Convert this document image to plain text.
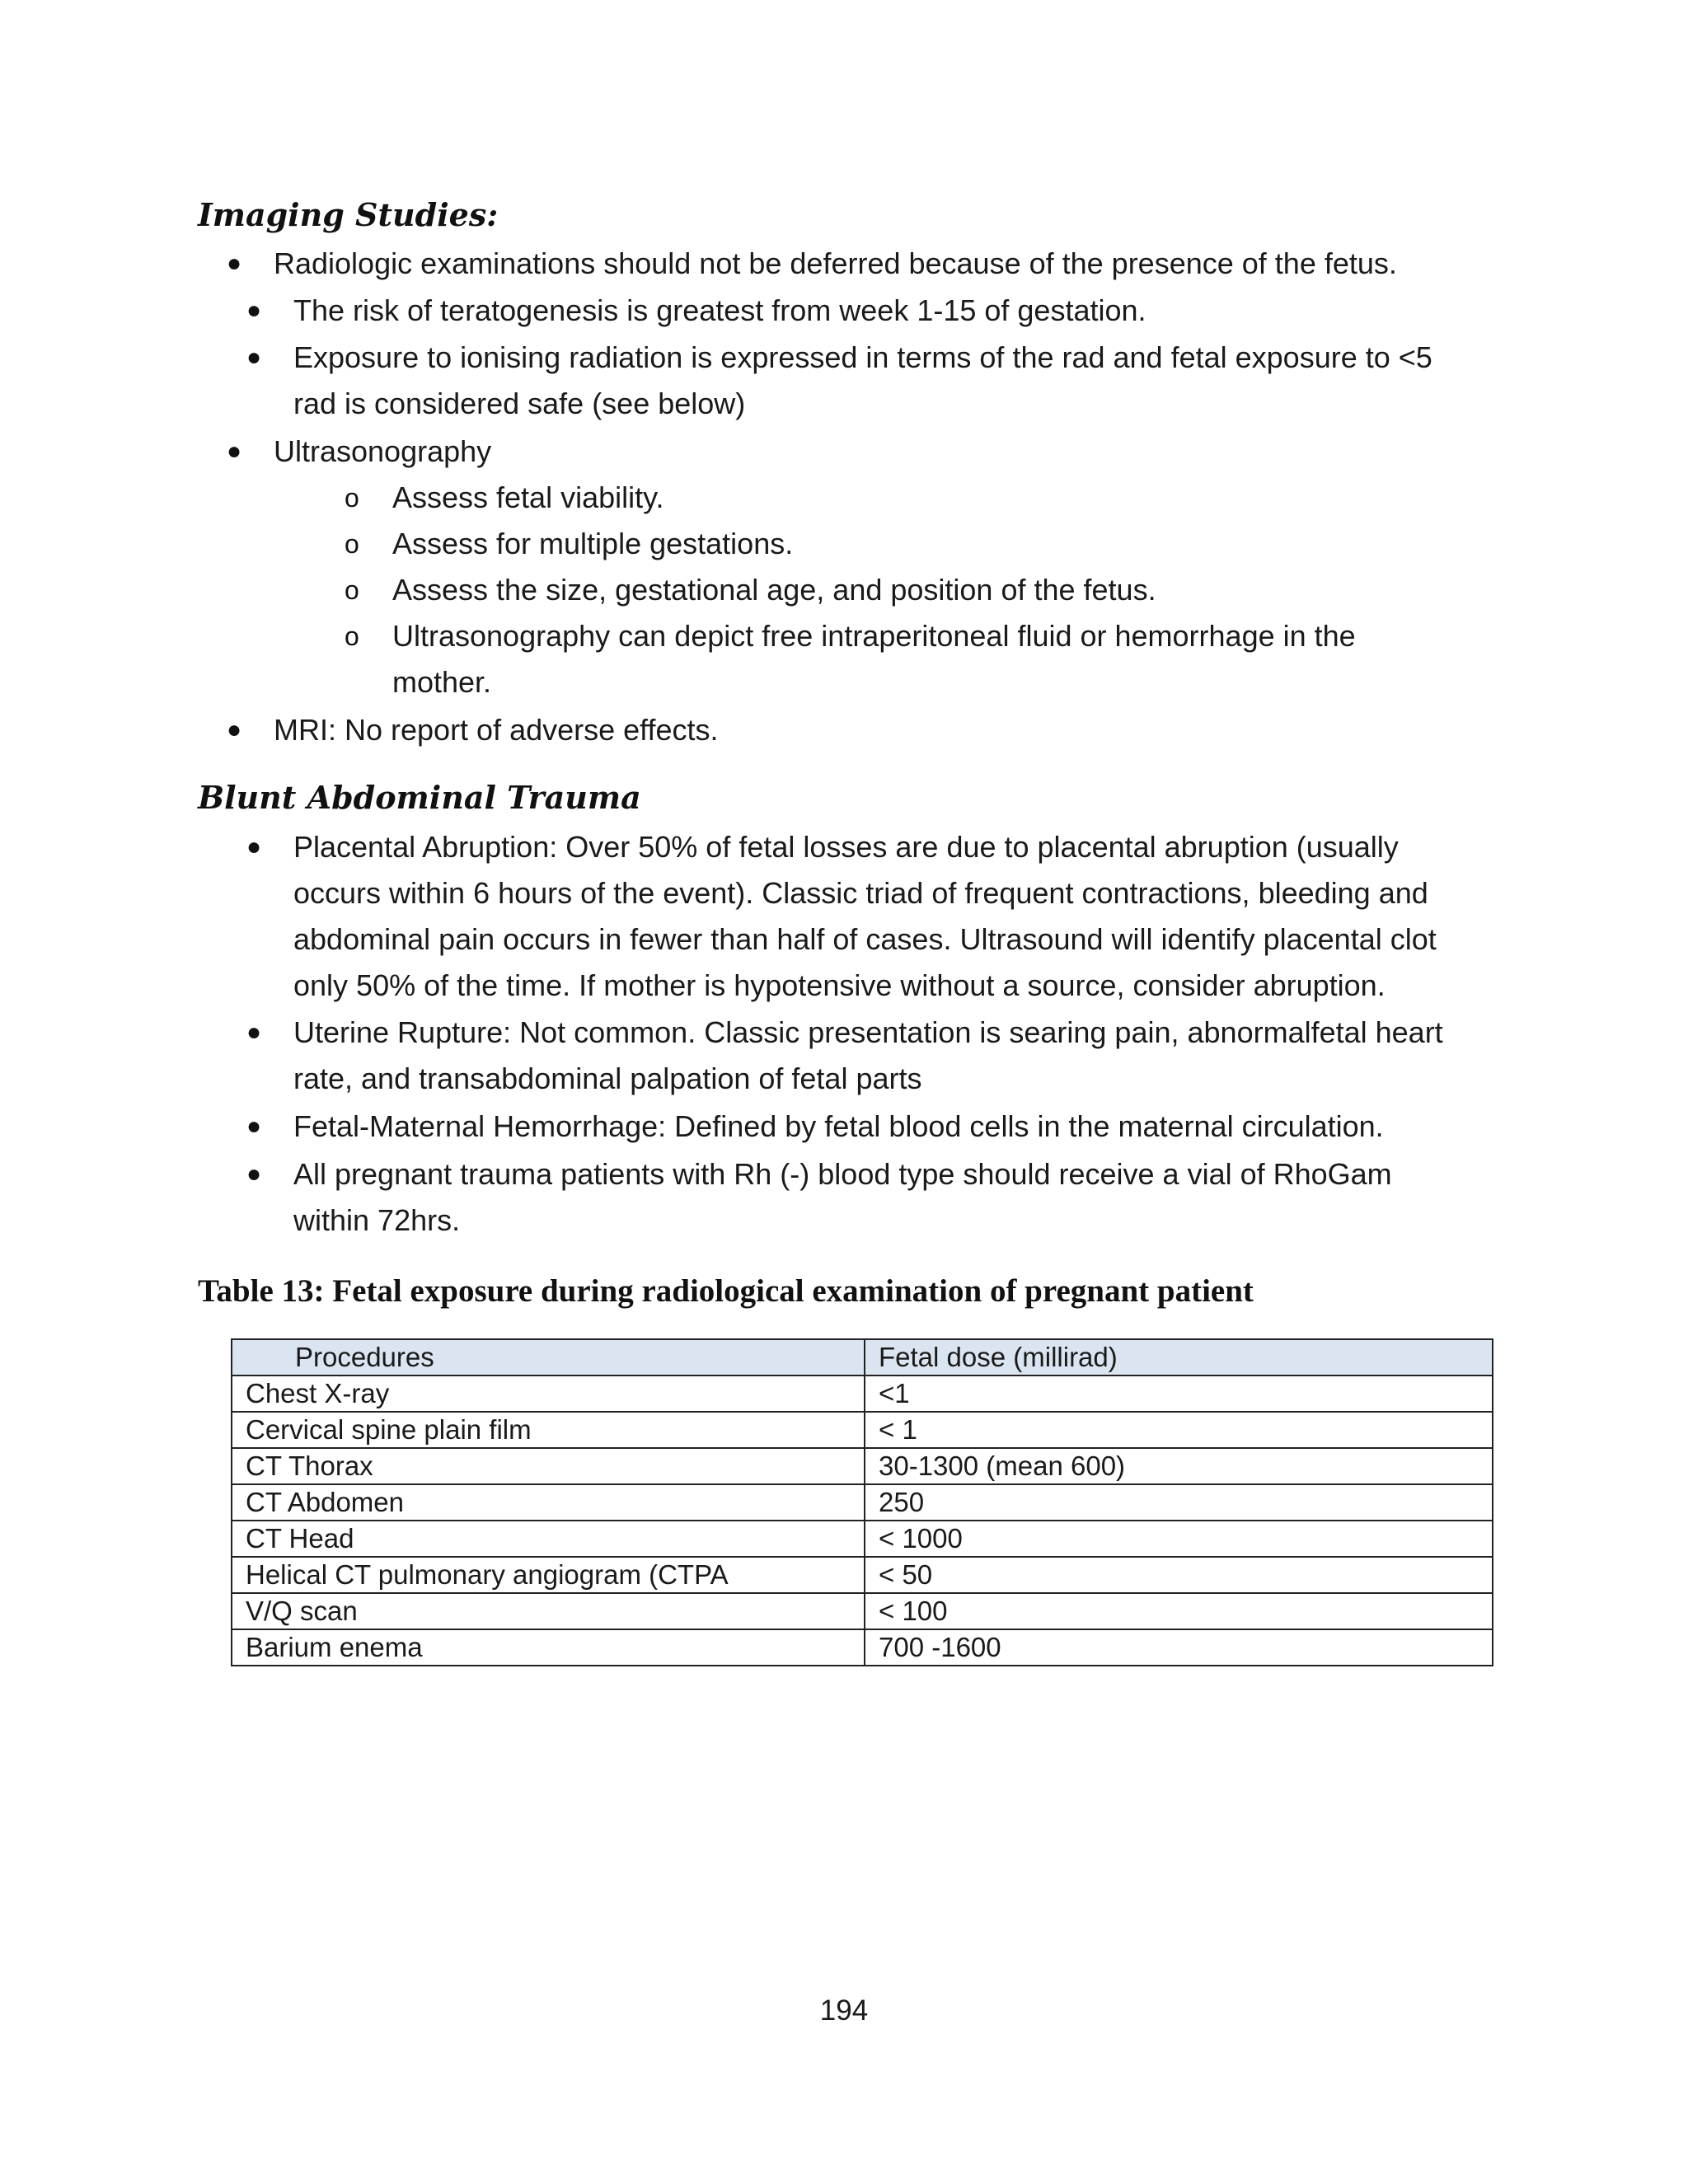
Imaging Studies:
● Radiologic examinations should not be deferred because of the presence of the fetus.
● The risk of teratogenesis is greatest from week 1-15 of gestation.
● Exposure to ionising radiation is expressed in terms of the rad and fetal exposure to <5
rad is considered safe (see below)
● Ultrasonography
o Assess fetal viability.
o Assess for multiple gestations.
o Assess the size, gestational age, and position of the fetus.
o Ultrasonography can depict free intraperitoneal fluid or hemorrhage in the
mother.
● MRI: No report of adverse effects.
Blunt Abdominal Trauma
● Placental Abruption: Over 50% of fetal losses are due to placental abruption (usually
occurs within 6 hours of the event). Classic triad of frequent contractions, bleeding and
abdominal pain occurs in fewer than half of cases. Ultrasound will identify placental clot
only 50% of the time. If mother is hypotensive without a source, consider abruption.
● Uterine Rupture: Not common. Classic presentation is searing pain, abnormalfetal heart
rate, and transabdominal palpation of fetal parts
● Fetal-Maternal Hemorrhage: Defined by fetal blood cells in the maternal circulation.
● All pregnant trauma patients with Rh (-) blood type should receive a vial of RhoGam
within 72hrs.
Table 13: Fetal exposure during radiological examination of pregnant patient
Procedures	Fetal dose (millirad)
Chest X-ray	<1
Cervical spine plain film	< 1
CT Thorax	30-1300 (mean 600)
CT Abdomen	250
CT Head	< 1000
Helical CT pulmonary angiogram (CTPA	< 50
V/Q scan	< 100
Barium enema	700 -1600
194
